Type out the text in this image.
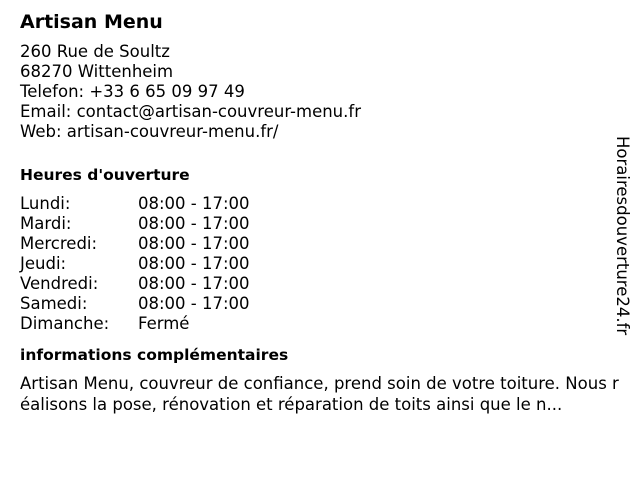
Artisan Menu
260 Rue de Soultz
68270 Wittenheim
Telefon: +33 6 65 09 97 49
Email: contact@artisan-couvreur-menu.fr
Web: artisan-couvreur-menu.fr/
Heures d'ouverture
Lundi:	08:00 - 17:00
Mardi:	08:00 - 17:00
Mercredi:	08:00 - 17:00
Jeudi:	08:00 - 17:00
Vendredi:	08:00 - 17:00
Samedi:	08:00 - 17:00
Dimanche:	Fermé
informations complémentaires
Artisan Menu, couvreur de confiance, prend soin de votre toiture. Nous réalisons la pose, rénovation et réparation de toits ainsi que le n...
Horairesdouverture24.fr
